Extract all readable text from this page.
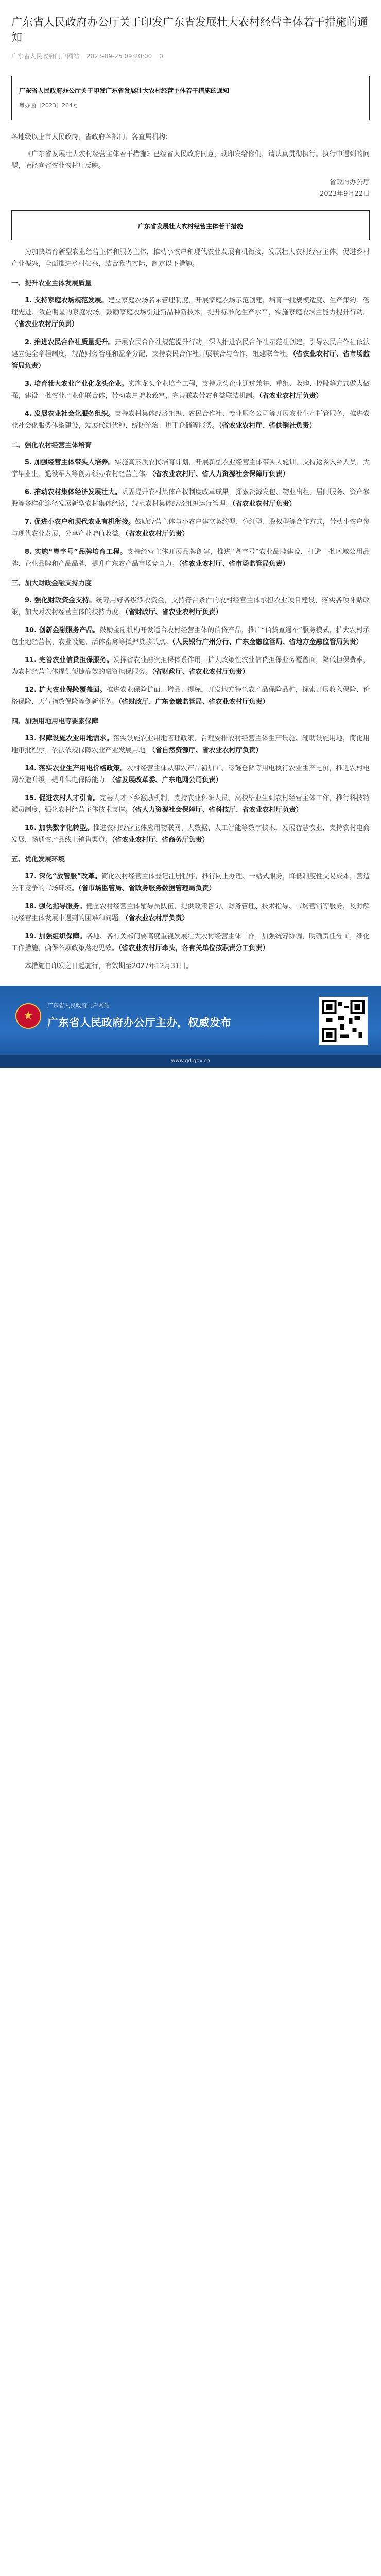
广东省人民政府办公厅关于印发广东省发展壮大农村经营主体若干措施的通知
广东省人民政府门户网站 2023-09-25 09:20:00 0
广东省人民政府办公厅关于印发广东省发展壮大农村经营主体若干措施的通知
粤办函〔2023〕264号

各地级以上市人民政府，省政府各部门、各直属机构：

《广东省发展壮大农村经营主体若干措施》已经省人民政府同意，现印发给你们，请认真贯彻执行。执行中遇到的问题，请径向省农业农村厅反映。

省政府办公厅
2023年9月22日
广东省发展壮大农村经营主体若干措施

为加快培育新型农业经营主体和服务主体，推动小农户和现代农业发展有机衔接，发展壮大农村经营主体，促进乡村产业振兴，全面推进乡村振兴，结合我省实际，制定以下措施。

一、提升农业主体发展质量

1. 支持家庭农场规范发展。建立家庭农场名录管理制度，开展家庭农场示范创建，培育一批规模适度、生产集约、管理先进、效益明显的家庭农场。鼓励家庭农场引进新品种新技术，提升标准化生产水平，实施家庭农场主能力提升行动。（省农业农村厅负责）

2. 推进农民合作社质量提升。开展农民合作社规范提升行动，深入推进农民合作社示范社创建，引导农民合作社依法建立健全章程制度，规范财务管理和盈余分配，支持农民合作社开展联合与合作，组建联合社。（省农业农村厅、省市场监管局负责）

3. 培育壮大农业产业化龙头企业。实施龙头企业培育工程，支持龙头企业通过兼并、重组、收购、控股等方式做大做强，建设一批农业产业化联合体，带动农户增收致富，完善联农带农利益联结机制。（省农业农村厅负责）

4. 发展农业社会化服务组织。支持农村集体经济组织、农民合作社、专业服务公司等开展农业生产托管服务，推进农业社会化服务体系建设，发展代耕代种、统防统治、烘干仓储等服务。（省农业农村厅、省供销社负责）

二、强化农村经营主体培育

5. 加强经营主体带头人培养。实施高素质农民培育计划，开展新型农业经营主体带头人轮训，支持返乡入乡人员、大学毕业生、退役军人等创办领办农村经营主体。（省农业农村厅、省人力资源社会保障厅负责）

6. 推动农村集体经济发展壮大。巩固提升农村集体产权制度改革成果，探索资源发包、物业出租、居间服务、资产参股等多样化途径发展新型农村集体经济，规范农村集体经济组织运行管理。（省农业农村厅负责）

7. 促进小农户和现代农业有机衔接。鼓励经营主体与小农户建立契约型、分红型、股权型等合作方式，带动小农户参与现代农业发展，分享产业增值收益。（省农业农村厅负责）

8. 实施“粤字号”品牌培育工程。支持经营主体开展品牌创建，推进“粤字号”农业品牌建设，打造一批区域公用品牌、企业品牌和产品品牌，提升广东农产品市场竞争力。（省农业农村厅、省市场监管局负责）

三、加大财政金融支持力度

9. 强化财政资金支持。统筹用好各级涉农资金，支持符合条件的农村经营主体承担农业项目建设，落实各项补贴政策，加大对农村经营主体的扶持力度。（省财政厅、省农业农村厅负责）

10. 创新金融服务产品。鼓励金融机构开发适合农村经营主体的信贷产品，推广“信贷直通车”服务模式，扩大农村承包土地经营权、农业设施、活体畜禽等抵押贷款试点。（人民银行广州分行、广东金融监管局、省地方金融监管局负责）

11. 完善农业信贷担保服务。发挥省农业融资担保体系作用，扩大政策性农业信贷担保业务覆盖面，降低担保费率，为农村经营主体提供便捷高效的融资担保服务。（省财政厅、省农业农村厅负责）

12. 扩大农业保险覆盖面。推进农业保险扩面、增品、提标，开发地方特色农产品保险品种，探索开展收入保险、价格保险、天气指数保险等创新业务。（省财政厅、广东金融监管局、省农业农村厅负责）

四、加强用地用电等要素保障

13. 保障设施农业用地需求。落实设施农业用地管理政策，合理安排农村经营主体生产设施、辅助设施用地，简化用地审批程序，依法依规保障农业产业发展用地。（省自然资源厅、省农业农村厅负责）

14. 落实农业生产用电价格政策。农村经营主体从事农产品初加工、冷链仓储等用电执行农业生产电价，推进农村电网改造升级，提升供电保障能力。（省发展改革委、广东电网公司负责）

15. 促进农村人才引育。完善人才下乡激励机制，支持农业科研人员、高校毕业生到农村经营主体工作，推行科技特派员制度，强化农村经营主体技术支撑。（省人力资源社会保障厅、省科技厅、省农业农村厅负责）

16. 加快数字化转型。推进农村经营主体应用物联网、大数据、人工智能等数字技术，发展智慧农业，支持农村电商发展，畅通农产品线上销售渠道。（省农业农村厅、省商务厅负责）

五、优化发展环境

17. 深化“放管服”改革。简化农村经营主体登记注册程序，推行网上办理、一站式服务，降低制度性交易成本，营造公平竞争的市场环境。（省市场监管局、省政务服务数据管理局负责）

18. 强化指导服务。健全农村经营主体辅导员队伍，提供政策咨询、财务管理、技术指导、市场营销等服务，及时解决经营主体发展中遇到的困难和问题。（省农业农村厅负责）

19. 加强组织保障。各地、各有关部门要高度重视发展壮大农村经营主体工作，加强统筹协调，明确责任分工，细化工作措施，确保各项政策落地见效。（省农业农村厅牵头，各有关单位按职责分工负责）

本措施自印发之日起施行，有效期至2027年12月31日。

★
广东省人民政府门户网站
广东省人民政府办公厅主办，权威发布
www.gd.gov.cn
